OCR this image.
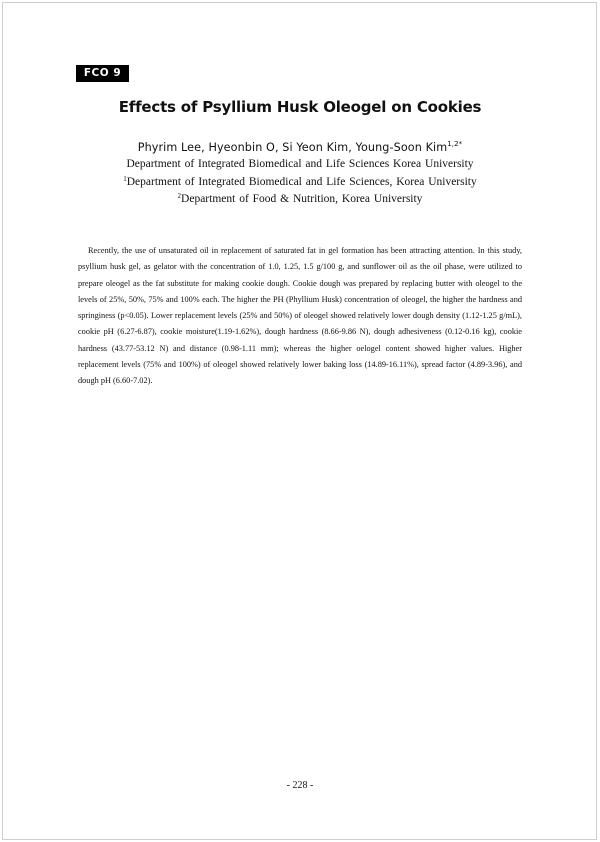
FCO 9
Effects of Psyllium Husk Oleogel on Cookies
Phyrim Lee, Hyeonbin O, Si Yeon Kim, Young-Soon Kim$^{1,2*}$
Department of Integrated Biomedical and Life Sciences Korea University
$^1$Department of Integrated Biomedical and Life Sciences, Korea University
$^2$Department of Food & Nutrition, Korea University

Recently, the use of unsaturated oil in replacement of saturated fat in gel formation has been attracting attention. In this study, psyllium husk gel, as gelator with the concentration of 1.0, 1.25, 1.5 g/100 g, and sunflower oil as the oil phase, were utilized to prepare oleogel as the fat substitute for making cookie dough. Cookie dough was prepared by replacing butter with oleogel to the levels of 25%, 50%, 75% and 100% each. The higher the PH (Phyllium Husk) concentration of oleogel, the higher the hardness and springiness (p<0.05). Lower replacement levels (25% and 50%) of oleogel showed relatively lower dough density (1.12-1.25 g/mL), cookie pH (6.27-6.87), cookie moisture(1.19-1.62%), dough hardness (8.66-9.86 N), dough adhesiveness (0.12-0.16 kg), cookie hardness (43.77-53.12 N) and distance (0.98-1.11 mm); whereas the higher oelogel content showed higher values. Higher replacement levels (75% and 100%) of oleogel showed relatively lower baking loss (14.89-16.11%), spread factor (4.89-3.96), and dough pH (6.60-7.02).

- 228 -
